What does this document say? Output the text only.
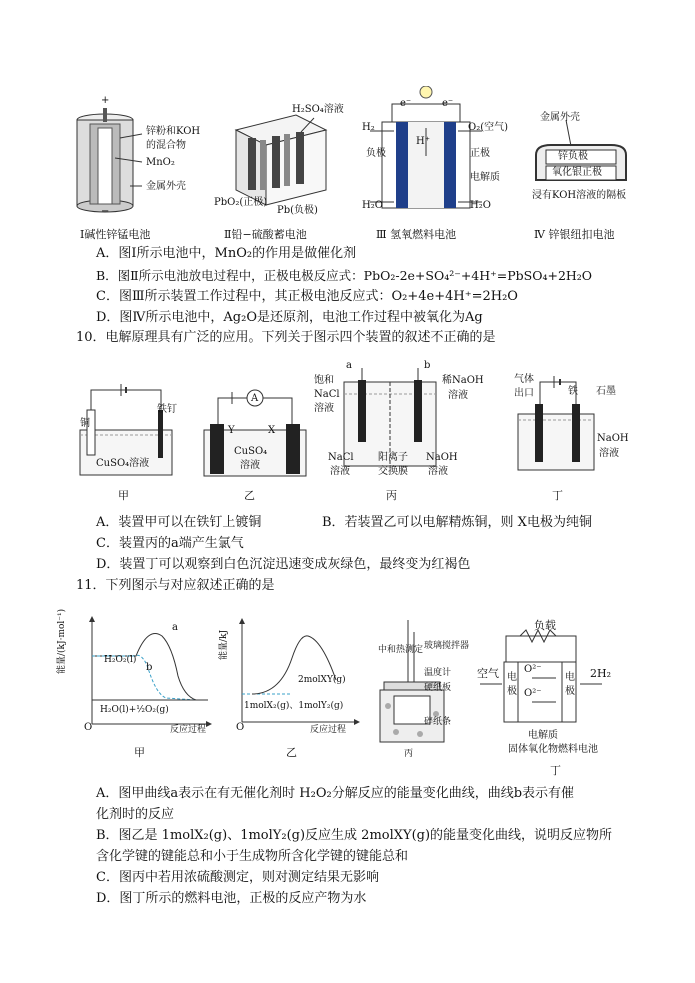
+
−
锌粉和KOH
的混合物
MnO₂
金属外壳
H₂SO₄溶液
PbO₂(正极)
Pb(负极)
e⁻	e⁻
H₂	O₂(空气)
H⁺
负极	正极
电解质
H₂O	H₂O
金属外壳
锌负极
氧化银正极
浸有KOH溶液的隔板
Ⅰ碱性锌锰电池	Ⅱ铅−硫酸蓄电池	Ⅲ 氢氧燃料电池	Ⅳ 锌银纽扣电池
A．图Ⅰ所示电池中，MnO₂的作用是做催化剂
B．图Ⅱ所示电池放电过程中，正极电极反应式：PbO₂-2e+SO₄²⁻+4H⁺=PbSO₄+2H₂O
C．图Ⅲ所示装置工作过程中，其正极电池反应式：O₂+4e+4H⁺=2H₂O
D．图Ⅳ所示电池中，Ag₂O是还原剂，电池工作过程中被氧化为Ag
10．电解原理具有广泛的应用。下列关于图示四个装置的叙述不正确的是
铜
铁钉
CuSO₄溶液
A
Y	X
CuSO₄
溶液
a	b
饱和
NaCl
溶液
稀NaOH
溶液
NaCl
溶液
阳离子
交换膜
NaOH
溶液
气体
出口	铁 石墨
NaOH
溶液
甲	乙	丙	丁
A．装置甲可以在铁钉上镀铜	B．若装置乙可以电解精炼铜，则 X电极为纯铜
C．装置丙的a端产生氯气
D．装置丁可以观察到白色沉淀迅速变成灰绿色，最终变为红褐色
11．下列图示与对应叙述正确的是
能量/(kJ·mol⁻¹)	a
b
H₂O₂(l)
H₂O(l)+½O₂(g)
O	反应过程
能量/kJ
2molXY(g)
1molX₂(g)、1molY₂(g)
O	反应过程
中和热测定 玻璃搅拌器
温度计
硬纸板
碎纸条
丙
负载
空气	O²⁻
O²⁻
2H₂
电
极
电
极
电解质
固体氧化物燃料电池
甲	乙
丁
A．图甲曲线a表示在有无催化剂时 H₂O₂分解反应的能量变化曲线，曲线b表示有催
化剂时的反应
B．图乙是 1molX₂(g)、1molY₂(g)反应生成 2molXY(g)的能量变化曲线，说明反应物所
含化学键的键能总和小于生成物所含化学键的键能总和
C．图丙中若用浓硫酸测定，则对测定结果无影响
D．图丁所示的燃料电池，正极的反应产物为水
